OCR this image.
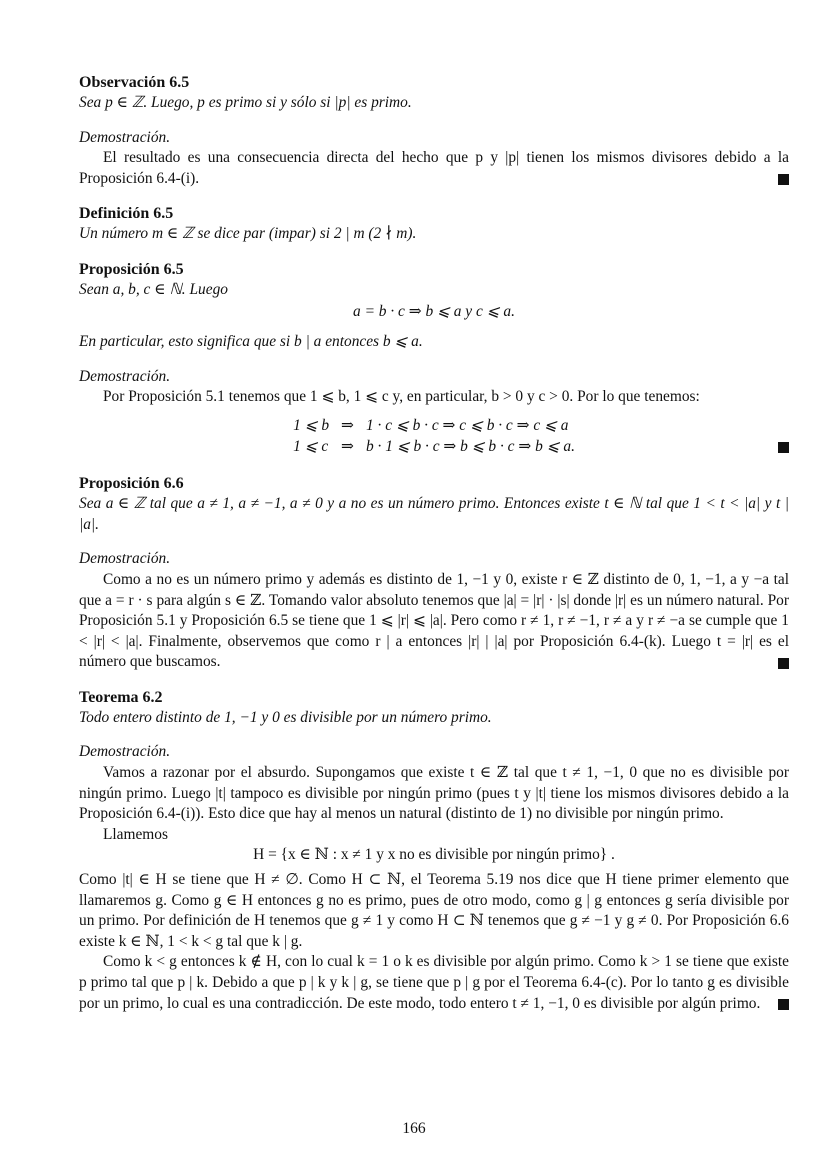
Observación 6.5

Sea p ∈ ℤ. Luego, p es primo si y sólo si |p| es primo.

Demostración.

El resultado es una consecuencia directa del hecho que p y |p| tienen los mismos divisores debido a la Proposición 6.4-(i).

Definición 6.5

Un número m ∈ ℤ se dice par (impar) si 2 | m (2 ∤ m).

Proposición 6.5

Sean a, b, c ∈ ℕ. Luego

a = b · c ⇒ b ⩽ a y c ⩽ a.

En particular, esto significa que si b | a entonces b ⩽ a.

Demostración.

Por Proposición 5.1 tenemos que 1 ⩽ b, 1 ⩽ c y, en particular, b > 0 y c > 0. Por lo que tenemos:

1 ⩽ b	⇒	1 · c ⩽ b · c ⇒ c ⩽ b · c ⇒ c ⩽ a
1 ⩽ c	⇒	b · 1 ⩽ b · c ⇒ b ⩽ b · c ⇒ b ⩽ a.

Proposición 6.6

Sea a ∈ ℤ tal que a ≠ 1, a ≠ −1, a ≠ 0 y a no es un número primo. Entonces existe t ∈ ℕ tal que 1 < t < |a| y t | |a|.

Demostración.

Como a no es un número primo y además es distinto de 1, −1 y 0, existe r ∈ ℤ distinto de 0, 1, −1, a y −a tal que a = r · s para algún s ∈ ℤ. Tomando valor absoluto tenemos que |a| = |r| · |s| donde |r| es un número natural. Por Proposición 5.1 y Proposición 6.5 se tiene que 1 ⩽ |r| ⩽ |a|. Pero como r ≠ 1, r ≠ −1, r ≠ a y r ≠ −a se cumple que 1 < |r| < |a|. Finalmente, observemos que como r | a entonces |r| | |a| por Proposición 6.4-(k). Luego t = |r| es el número que buscamos.

Teorema 6.2

Todo entero distinto de 1, −1 y 0 es divisible por un número primo.

Demostración.

Vamos a razonar por el absurdo. Supongamos que existe t ∈ ℤ tal que t ≠ 1, −1, 0 que no es divisible por ningún primo. Luego |t| tampoco es divisible por ningún primo (pues t y |t| tiene los mismos divisores debido a la Proposición 6.4-(i)). Esto dice que hay al menos un natural (distinto de 1) no divisible por ningún primo.

Llamemos

H = {x ∈ ℕ : x ≠ 1 y x no es divisible por ningún primo} .

Como |t| ∈ H se tiene que H ≠ ∅. Como H ⊂ ℕ, el Teorema 5.19 nos dice que H tiene primer elemento que llamaremos g. Como g ∈ H entonces g no es primo, pues de otro modo, como g | g entonces g sería divisible por un primo. Por definición de H tenemos que g ≠ 1 y como H ⊂ ℕ tenemos que g ≠ −1 y g ≠ 0. Por Proposición 6.6 existe k ∈ ℕ, 1 < k < g tal que k | g.

Como k < g entonces k ∉ H, con lo cual k = 1 o k es divisible por algún primo. Como k > 1 se tiene que existe p primo tal que p | k. Debido a que p | k y k | g, se tiene que p | g por el Teorema 6.4-(c). Por lo tanto g es divisible por un primo, lo cual es una contradicción. De este modo, todo entero t ≠ 1, −1, 0 es divisible por algún primo.

166
